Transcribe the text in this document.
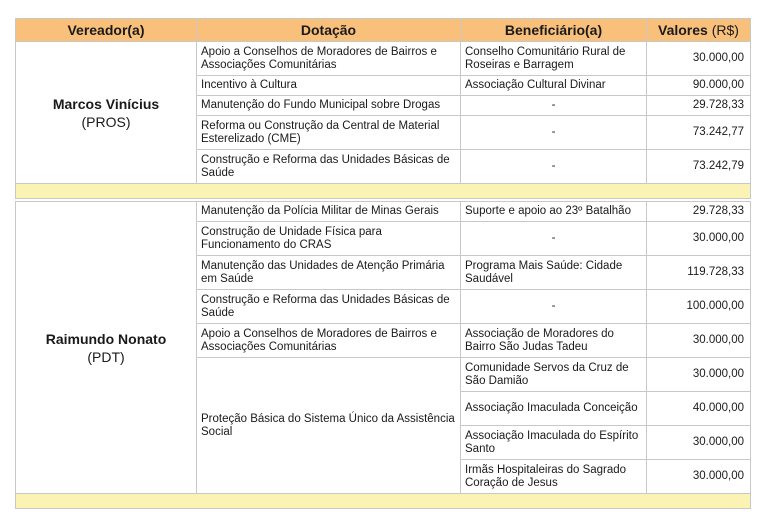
Vereador(a)	Dotação	Beneficiário(a)	Valores (R$)

Marcos Vinícius
(PROS)	Apoio a Conselhos de Moradores de Bairros e Associações Comunitárias	Conselho Comunitário Rural de Roseiras e Barragem	30.000,00
	Incentivo à Cultura	Associação Cultural Divinar	90.000,00
	Manutenção do Fundo Municipal sobre Drogas	-	29.728,33
	Reforma ou Construção da Central de Material Esterelizado (CME)	-	73.242,77
	Construção e Reforma das Unidades Básicas de Saúde	-	73.242,79

Raimundo Nonato
(PDT)	Manutenção da Polícia Militar de Minas Gerais	Suporte e apoio ao 23º Batalhão	29.728,33
	Construção de Unidade Física para Funcionamento do CRAS	-	30.000,00
	Manutenção das Unidades de Atenção Primária em Saúde	Programa Mais Saúde: Cidade Saudável	119.728,33
	Construção e Reforma das Unidades Básicas de Saúde	-	100.000,00
	Apoio a Conselhos de Moradores de Bairros e Associações Comunitárias	Associação de Moradores do Bairro São Judas Tadeu	30.000,00
	Proteção Básica do Sistema Único da Assistência Social	Comunidade Servos da Cruz de São Damião	30.000,00
		Associação Imaculada Conceição	40.000,00
		Associação Imaculada do Espírito Santo	30.000,00
		Irmãs Hospitaleiras do Sagrado Coração de Jesus	30.000,00
